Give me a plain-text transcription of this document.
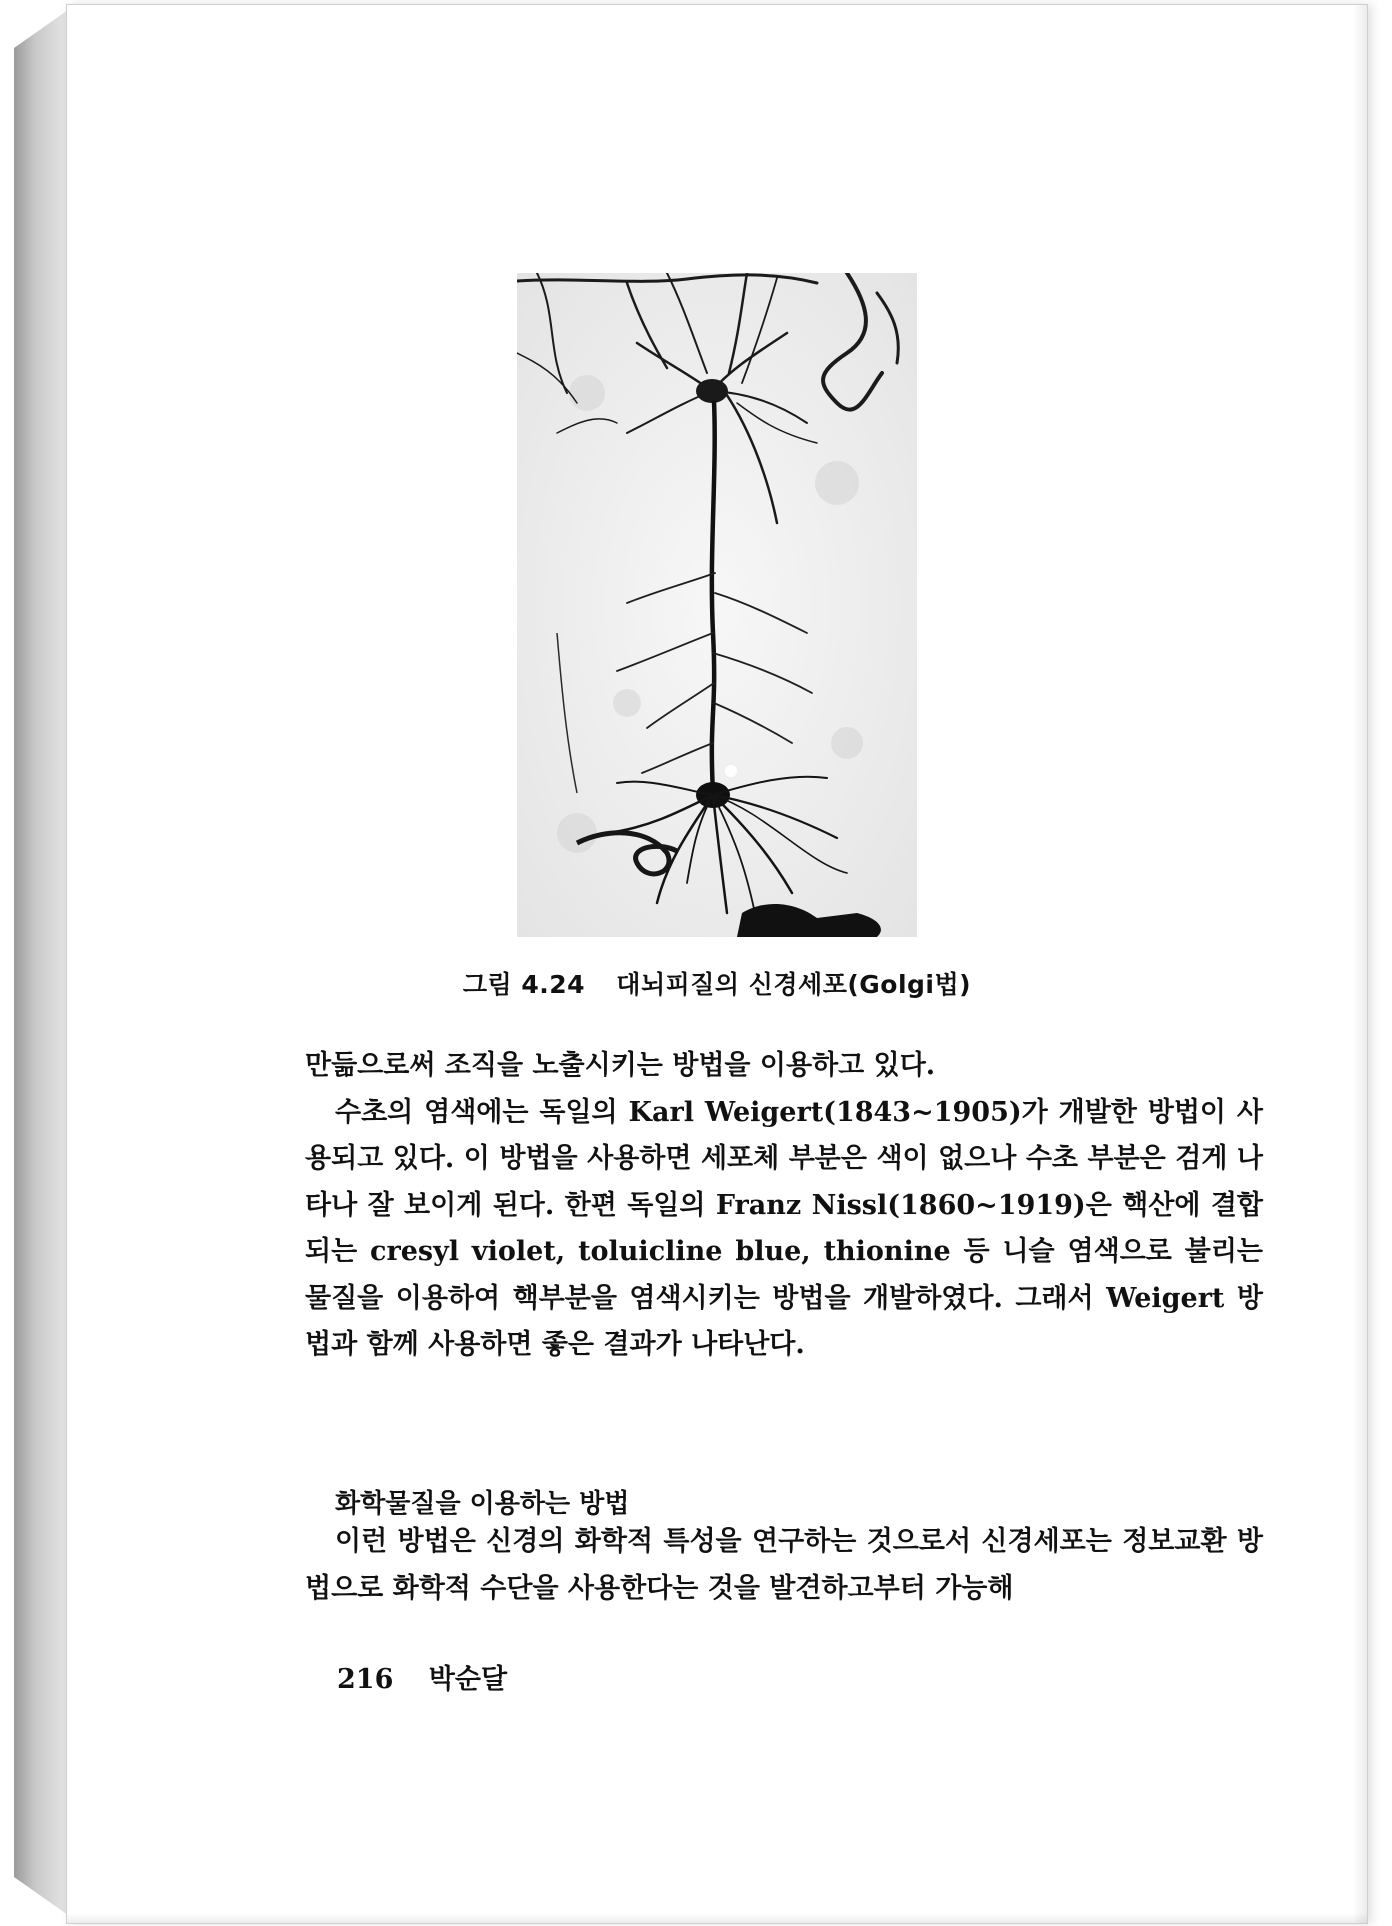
그림 4.24 대뇌피질의 신경세포(Golgi법)

만듦으로써 조직을 노출시키는 방법을 이용하고 있다.

수초의 염색에는 독일의 Karl Weigert(1843~1905)가 개발한 방법이 사용되고 있다. 이 방법을 사용하면 세포체 부분은 색이 없으나 수초 부분은 검게 나타나 잘 보이게 된다. 한편 독일의 Franz Nissl(1860~1919)은 핵산에 결합되는 cresyl violet, toluicline blue, thionine 등 니슬 염색으로 불리는 물질을 이용하여 핵부분을 염색시키는 방법을 개발하였다. 그래서 Weigert 방법과 함께 사용하면 좋은 결과가 나타난다.

화학물질을 이용하는 방법

이런 방법은 신경의 화학적 특성을 연구하는 것으로서 신경세포는 정보교환 방법으로 화학적 수단을 사용한다는 것을 발견하고부터 가능해

216 박순달
